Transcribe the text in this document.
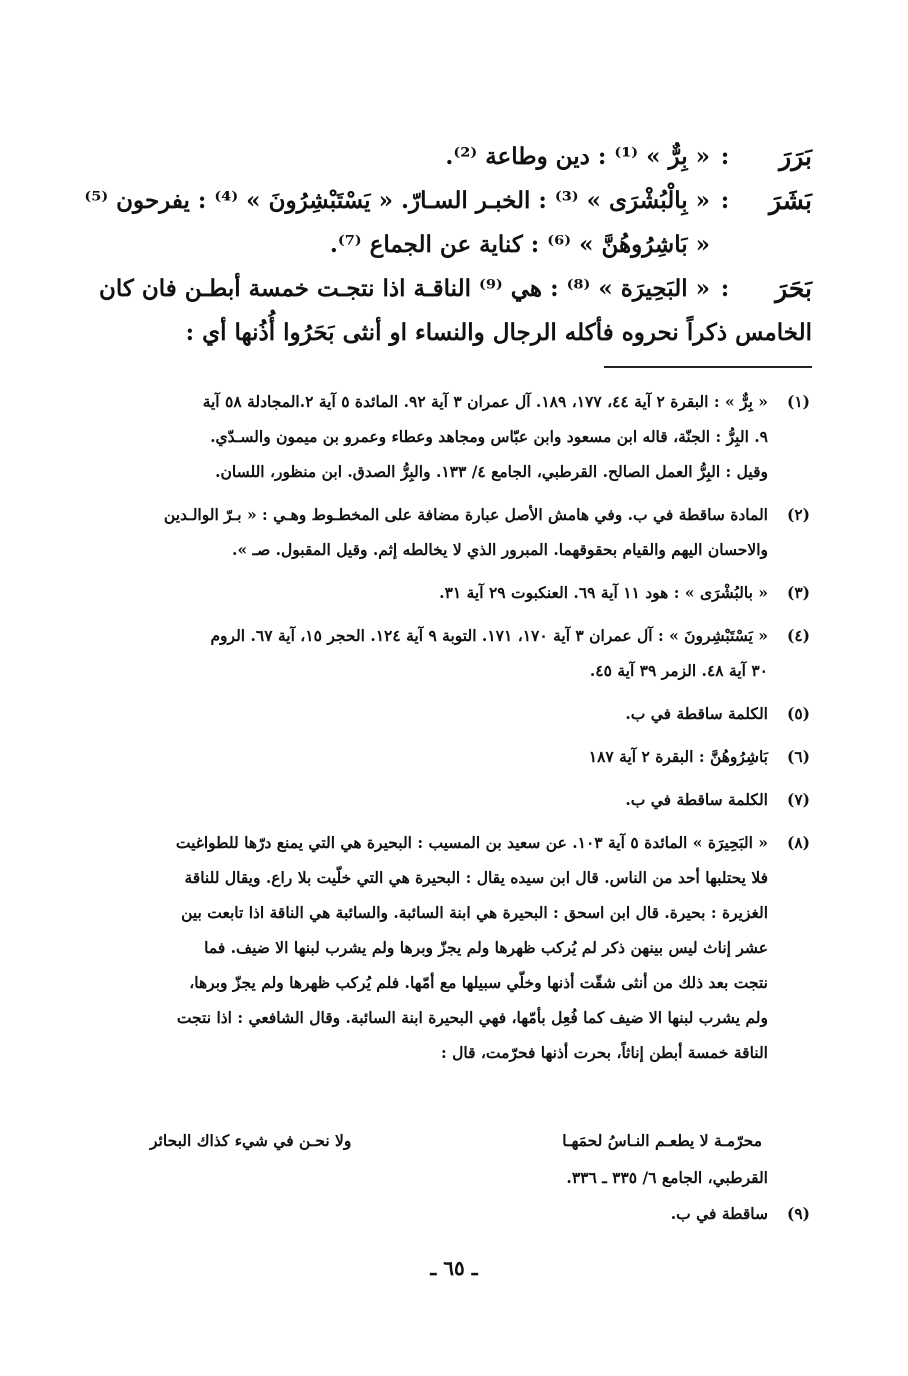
بَرَرَ
:
« بِرٌّ » ⁽¹⁾ : دين وطاعة ⁽²⁾.
بَشَرَ
:
« بِالْبُشْرَى » ⁽³⁾ : الخبـر السـارّ. « يَسْتَبْشِرُونَ » ⁽⁴⁾ : يفرحون ⁽⁵⁾
« بَاشِرُوهُنَّ » ⁽⁶⁾ : كناية عن الجماع ⁽⁷⁾.
بَحَرَ
:
« البَحِيرَة » ⁽⁸⁾ : هي ⁽⁹⁾ الناقـة اذا نتجـت خمسة أبطـن فان كان
الخامس ذكراً نحروه فأكله الرجال والنساء او أنثى بَحَرُوا أُذُنها أي :
(١)
« بِرٌّ » : البقرة ٢ آية ٤٤، ١٧٧، ١٨٩. آل عمران ٣ آية ٩٢. المائدة ٥ آية ٢.المجادلة ٥٨ آية
٩. البِرُّ : الجنّة، قاله ابن مسعود وابن عبّاس ومجاهد وعطاء وعمرو بن ميمون والسـدّي.
وقيل : البِرُّ العمل الصالح. القرطبي، الجامع ٤/ ١٣٣. والبِرُّ الصدق. ابن منظور، اللسان.
(٢)
المادة ساقطة في ب. وفي هامش الأصل عبارة مضافة على المخطـوط وهـي : « بـرّ الوالـدين
والاحسان اليهم والقيام بحقوقهما. المبرور الذي لا يخالطه إثم. وقيل المقبول. صـ ».
(٣)
« بالبُشْرَى » : هود ١١ آية ٦٩. العنكبوت ٢٩ آية ٣١.
(٤)
« يَسْتَبْشِرونَ » : آل عمران ٣ آية ١٧٠، ١٧١. التوبة ٩ آية ١٢٤. الحجر ١٥، آية ٦٧. الروم
٣٠ آية ٤٨. الزمر ٣٩ آية ٤٥.
(٥)
الكلمة ساقطة في ب.
(٦)
بَاشِرُوهُنَّ : البقرة ٢ آية ١٨٧
(٧)
الكلمة ساقطة في ب.
(٨)
« البَحِيرَة » المائدة ٥ آية ١٠٣. عن سعيد بن المسيب : البحيرة هي التي يمنع درّها للطواغيت
فلا يحتلبها أحد من الناس. قال ابن سيده يقال : البحيرة هي التي خلّيت بلا راع. ويقال للناقة
الغزيرة : بحيرة. قال ابن اسحق : البحيرة هي ابنة السائبة. والسائبة هي الناقة اذا تابعت بين
عشر إناث ليس بينهن ذكر لم يُركب ظهرها ولم يجزّ وبرها ولم يشرب لبنها الا ضيف. فما
نتجت بعد ذلك من أنثى شقّت أذنها وخلّي سبيلها مع أمّها. فلم يُركب ظهرها ولم يجزّ وبرها،
ولم يشرب لبنها الا ضيف كما فُعِل بأمّها، فهي البحيرة ابنة السائبة. وقال الشافعي : اذا نتجت
الناقة خمسة أبطن إناثاً، بحرت أذنها فحرّمت، قال :
محرّمـة لا يطعـم النـاسُ لحمَهـا
ولا نحـن في شيء كذاك البحائر
القرطبي، الجامع ٦/ ٣٣٥ ـ ٣٣٦.
(٩)
ساقطة في ب.
ـ ٦٥ ـ
